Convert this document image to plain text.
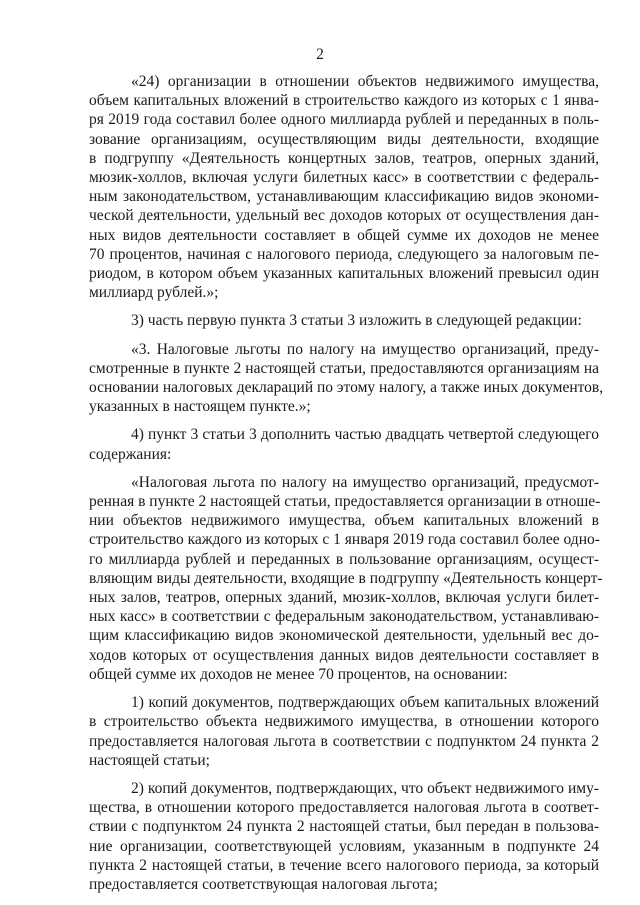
2
«24) организации в отношении объектов недвижимого имущества,
объем капитальных вложений в строительство каждого из которых с 1 янва-
ря 2019 года составил более одного миллиарда рублей и переданных в поль-
зование организациям, осуществляющим виды деятельности, входящие
в подгруппу «Деятельность концертных залов, театров, оперных зданий,
мюзик-холлов, включая услуги билетных касс» в соответствии с федераль-
ным законодательством, устанавливающим классификацию видов экономи-
ческой деятельности, удельный вес доходов которых от осуществления дан-
ных видов деятельности составляет в общей сумме их доходов не менее
70 процентов, начиная с налогового периода, следующего за налоговым пе-
риодом, в котором объем указанных капитальных вложений превысил один
миллиард рублей.»;
3) часть первую пункта 3 статьи 3 изложить в следующей редакции:
«3. Налоговые льготы по налогу на имущество организаций, преду-
смотренные в пункте 2 настоящей статьи, предоставляются организациям на
основании налоговых деклараций по этому налогу, а также иных документов,
указанных в настоящем пункте.»;
4) пункт 3 статьи 3 дополнить частью двадцать четвертой следующего
содержания:
«Налоговая льгота по налогу на имущество организаций, предусмот-
ренная в пункте 2 настоящей статьи, предоставляется организации в отноше-
нии объектов недвижимого имущества, объем капитальных вложений в
строительство каждого из которых с 1 января 2019 года составил более одно-
го миллиарда рублей и переданных в пользование организациям, осущест-
вляющим виды деятельности, входящие в подгруппу «Деятельность концерт-
ных залов, театров, оперных зданий, мюзик-холлов, включая услуги билет-
ных касс» в соответствии с федеральным законодательством, устанавливаю-
щим классификацию видов экономической деятельности, удельный вес до-
ходов которых от осуществления данных видов деятельности составляет в
общей сумме их доходов не менее 70 процентов, на основании:
1) копий документов, подтверждающих объем капитальных вложений
в строительство объекта недвижимого имущества, в отношении которого
предоставляется налоговая льгота в соответствии с подпунктом 24 пункта 2
настоящей статьи;
2) копий документов, подтверждающих, что объект недвижимого иму-
щества, в отношении которого предоставляется налоговая льгота в соответ-
ствии с подпунктом 24 пункта 2 настоящей статьи, был передан в пользова-
ние организации, соответствующей условиям, указанным в подпункте 24
пункта 2 настоящей статьи, в течение всего налогового периода, за который
предоставляется соответствующая налоговая льгота;
